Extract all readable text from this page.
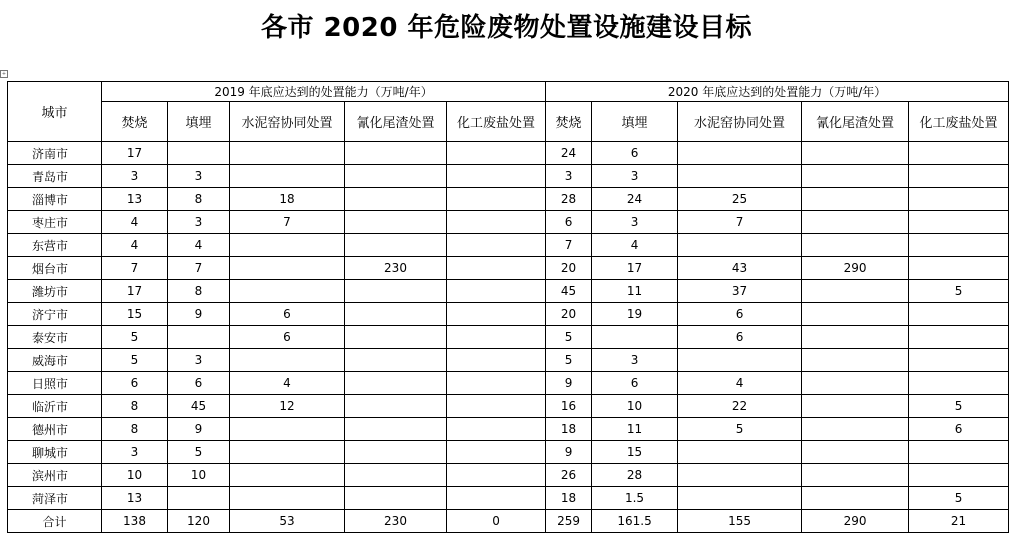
各市 2020 年危险废物处置设施建设目标
+
城市	2019 年底应达到的处置能力（万吨/年）					2020 年底应达到的处置能力（万吨/年）				
	焚烧	填埋	水泥窑协同处置	氰化尾渣处置	化工废盐处置	焚烧	填埋	水泥窑协同处置	氰化尾渣处置	化工废盐处置
济南市	17					24	6			
青岛市	3	3				3	3			
淄博市	13	8	18			28	24	25		
枣庄市	4	3	7			6	3	7		
东营市	4	4				7	4			
烟台市	7	7		230		20	17	43	290	
潍坊市	17	8				45	11	37		5
济宁市	15	9	6			20	19	6		
泰安市	5		6			5		6		
威海市	5	3				5	3			
日照市	6	6	4			9	6	4		
临沂市	8	45	12			16	10	22		5
德州市	8	9				18	11	5		6
聊城市	3	5				9	15			
滨州市	10	10				26	28			
菏泽市	13					18	1.5			5
合计	138	120	53	230	0	259	161.5	155	290	21
